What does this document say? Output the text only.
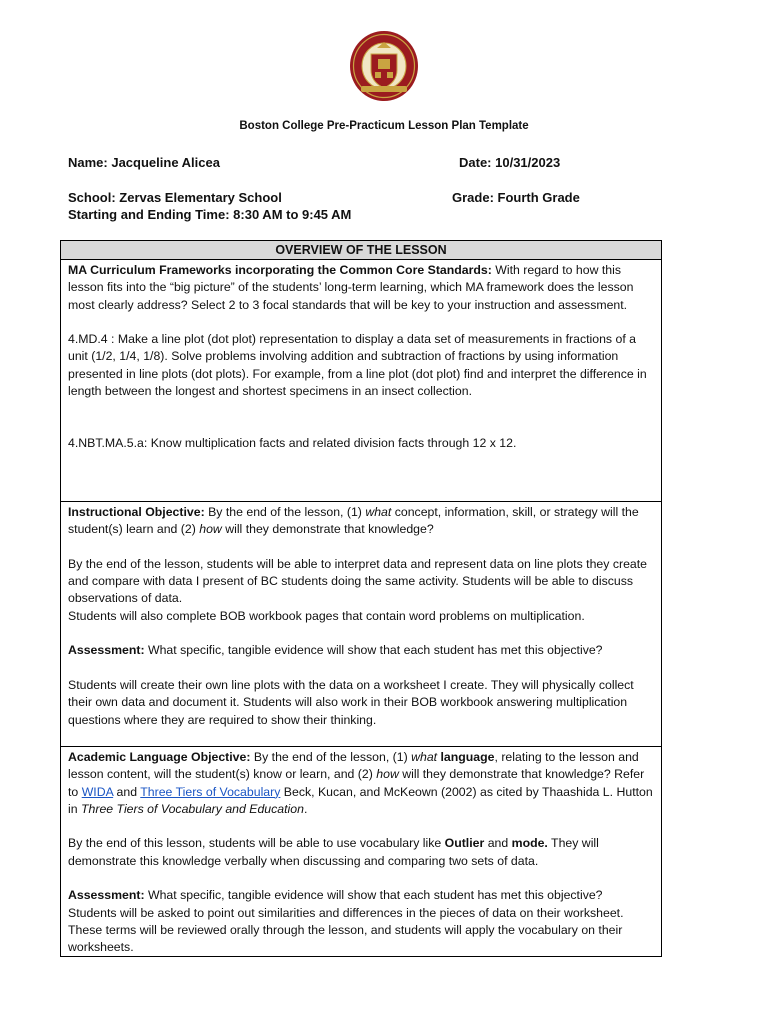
Boston College Pre-Practicum Lesson Plan Template
Name: Jacqueline Alicea	Date: 10/31/2023
School: Zervas Elementary School	Grade: Fourth Grade
Starting and Ending Time: 8:30 AM to 9:45 AM
OVERVIEW OF THE LESSON

MA Curriculum Frameworks incorporating the Common Core Standards: With regard to how this lesson fits into the “big picture” of the students’ long-term learning, which MA framework does the lesson most clearly address? Select 2 to 3 focal standards that will be key to your instruction and assessment.

4.MD.4 : Make a line plot (dot plot) representation to display a data set of measurements in fractions of a unit (1/2, 1/4, 1/8). Solve problems involving addition and subtraction of fractions by using information presented in line plots (dot plots). For example, from a line plot (dot plot) find and interpret the difference in length between the longest and shortest specimens in an insect collection.

4.NBT.MA.5.a: Know multiplication facts and related division facts through 12 x 12.

Instructional Objective: By the end of the lesson, (1) what concept, information, skill, or strategy will the student(s) learn and (2) how will they demonstrate that knowledge?

By the end of the lesson, students will be able to interpret data and represent data on line plots they create and compare with data I present of BC students doing the same activity. Students will be able to discuss observations of data.

Students will also complete BOB workbook pages that contain word problems on multiplication.

Assessment: What specific, tangible evidence will show that each student has met this objective?

Students will create their own line plots with the data on a worksheet I create. They will physically collect their own data and document it. Students will also work in their BOB workbook answering multiplication questions where they are required to show their thinking.

Academic Language Objective: By the end of the lesson, (1) what language, relating to the lesson and lesson content, will the student(s) know or learn, and (2) how will they demonstrate that knowledge? Refer to WIDA and Three Tiers of Vocabulary Beck, Kucan, and McKeown (2002) as cited by Thaashida L. Hutton in Three Tiers of Vocabulary and Education.

By the end of this lesson, students will be able to use vocabulary like Outlier and mode. They will demonstrate this knowledge verbally when discussing and comparing two sets of data.

Assessment: What specific, tangible evidence will show that each student has met this objective?

Students will be asked to point out similarities and differences in the pieces of data on their worksheet. These terms will be reviewed orally through the lesson, and students will apply the vocabulary on their worksheets.
